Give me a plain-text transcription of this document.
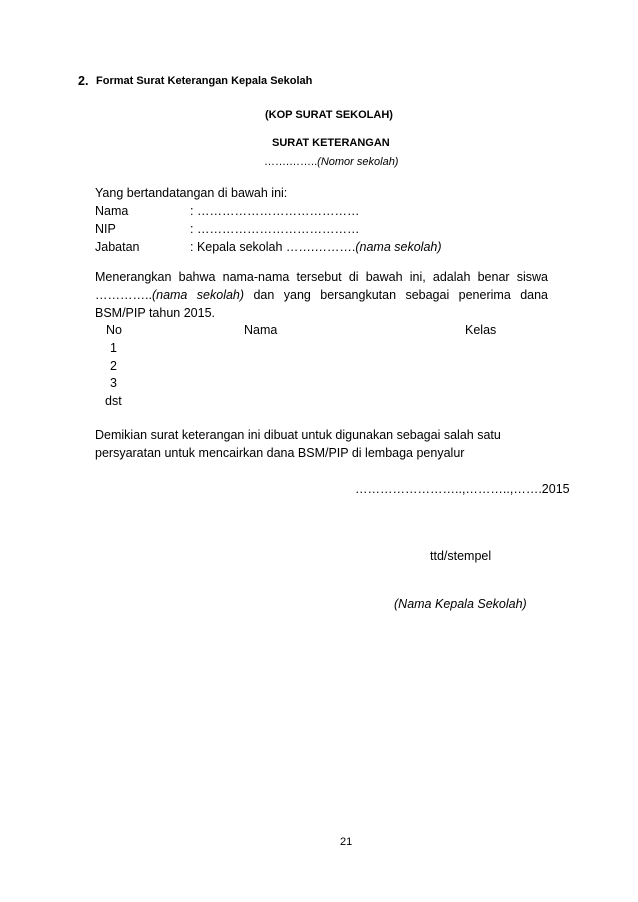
2. Format Surat Keterangan Kepala Sekolah
(KOP SURAT SEKOLAH)
SURAT KETERANGAN
…….……..(Nomor sekolah)
Yang bertandatangan di bawah ini:
Nama	: …………………………………
NIP	: …………………………………
Jabatan	: Kepala sekolah …….……….(nama sekolah)
Menerangkan bahwa nama-nama tersebut di bawah ini, adalah benar siswa
…………..(nama sekolah) dan yang bersangkutan sebagai penerima dana
BSM/PIP tahun 2015.
No	Nama	Kelas
1
2
3
dst
Demikian surat keterangan ini dibuat untuk digunakan sebagai salah satu
persyaratan untuk mencairkan dana BSM/PIP di lembaga penyalur
……………………..,………..,…….2015
ttd/stempel
(Nama Kepala Sekolah)
21
